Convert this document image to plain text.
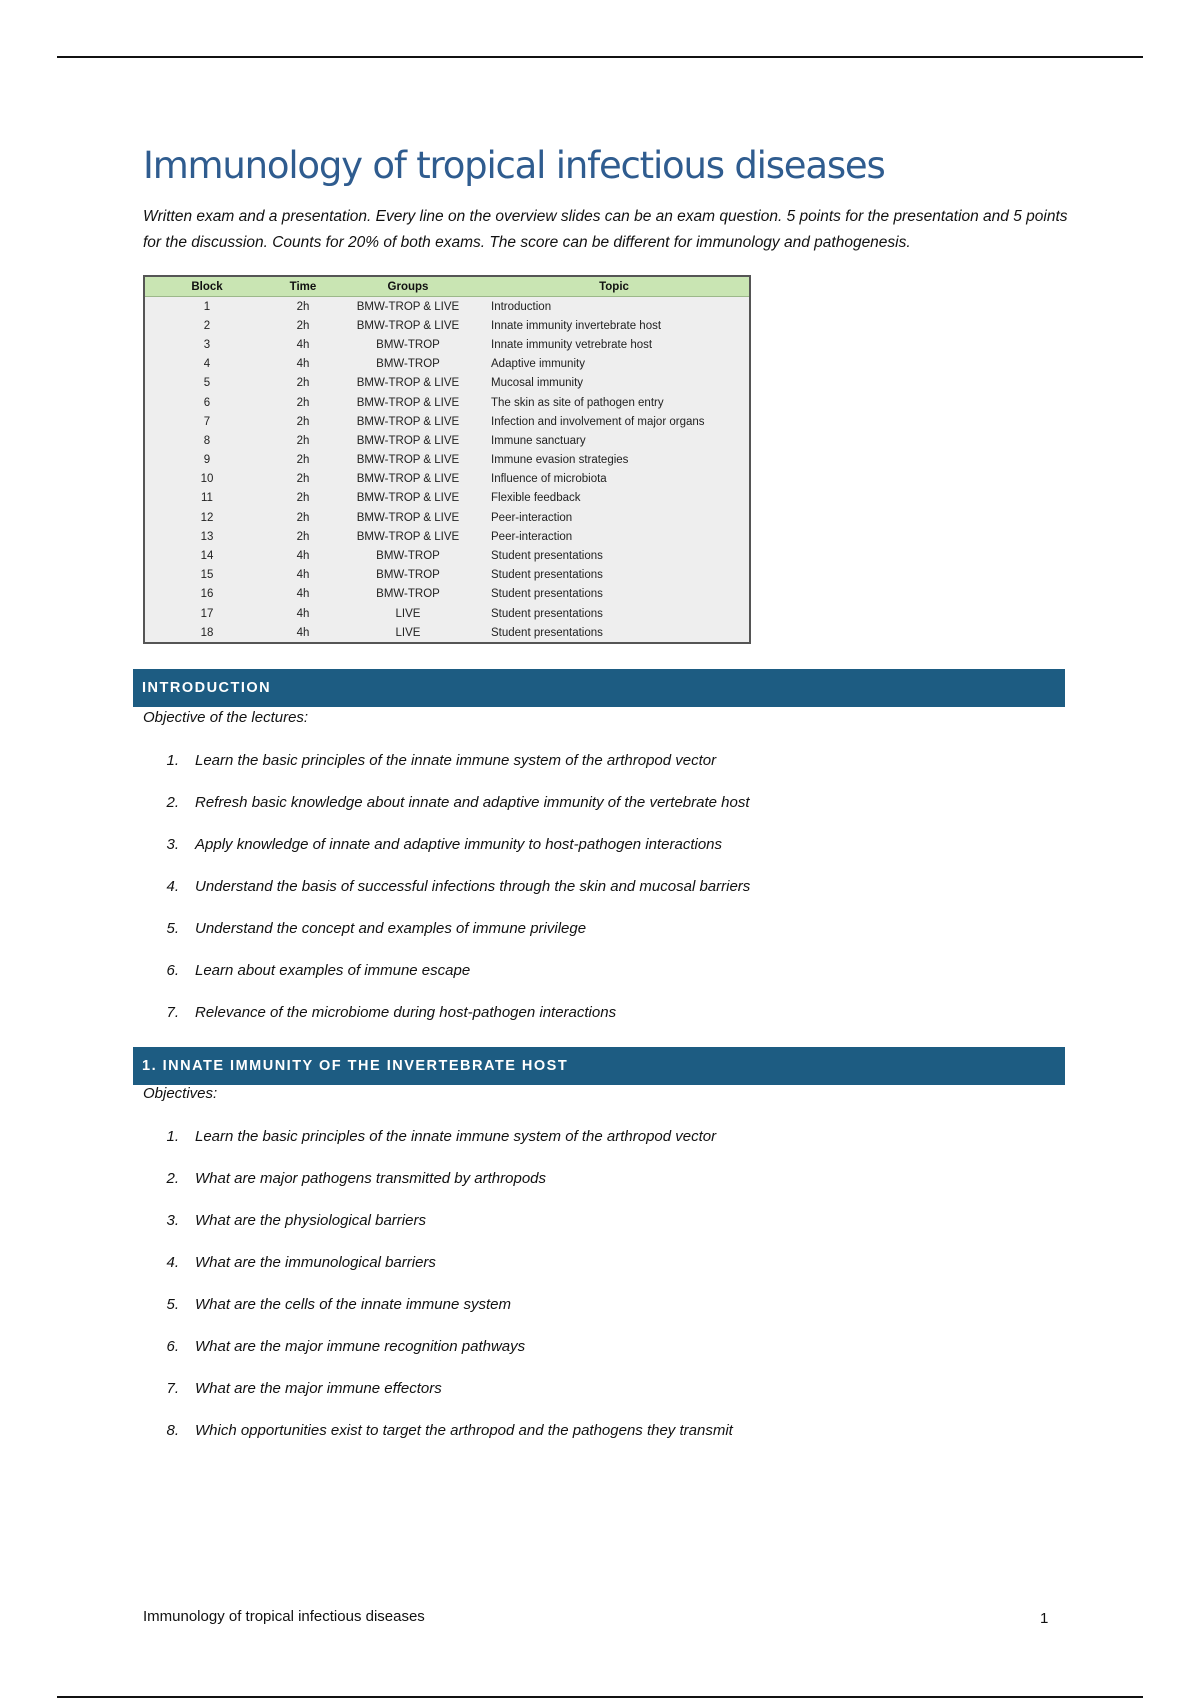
Immunology of tropical infectious diseases

Written exam and a presentation. Every line on the overview slides can be an exam question. 5 points for the presentation and 5 points for the discussion. Counts for 20% of both exams. The score can be different for immunology and pathogenesis.

Block	Time	Groups	Topic
1	2h	BMW-TROP & LIVE	Introduction
2	2h	BMW-TROP & LIVE	Innate immunity invertebrate host
3	4h	BMW-TROP	Innate immunity vetrebrate host
4	4h	BMW-TROP	Adaptive immunity
5	2h	BMW-TROP & LIVE	Mucosal immunity
6	2h	BMW-TROP & LIVE	The skin as site of pathogen entry
7	2h	BMW-TROP & LIVE	Infection and involvement of major organs
8	2h	BMW-TROP & LIVE	Immune sanctuary
9	2h	BMW-TROP & LIVE	Immune evasion strategies
10	2h	BMW-TROP & LIVE	Influence of microbiota
11	2h	BMW-TROP & LIVE	Flexible feedback
12	2h	BMW-TROP & LIVE	Peer-interaction
13	2h	BMW-TROP & LIVE	Peer-interaction
14	4h	BMW-TROP	Student presentations
15	4h	BMW-TROP	Student presentations
16	4h	BMW-TROP	Student presentations
17	4h	LIVE	Student presentations
18	4h	LIVE	Student presentations
INTRODUCTION

Objective of the lectures:

1.	Learn the basic principles of the innate immune system of the arthropod vector
2.	Refresh basic knowledge about innate and adaptive immunity of the vertebrate host
3.	Apply knowledge of innate and adaptive immunity to host-pathogen interactions
4.	Understand the basis of successful infections through the skin and mucosal barriers
5.	Understand the concept and examples of immune privilege
6.	Learn about examples of immune escape
7.	Relevance of the microbiome during host-pathogen interactions
1. INNATE IMMUNITY OF THE INVERTEBRATE HOST

Objectives:

1.	Learn the basic principles of the innate immune system of the arthropod vector
2.	What are major pathogens transmitted by arthropods
3.	What are the physiological barriers
4.	What are the immunological barriers
5.	What are the cells of the innate immune system
6.	What are the major immune recognition pathways
7.	What are the major immune effectors
8.	Which opportunities exist to target the arthropod and the pathogens they transmit
Immunology of tropical infectious diseases	1
